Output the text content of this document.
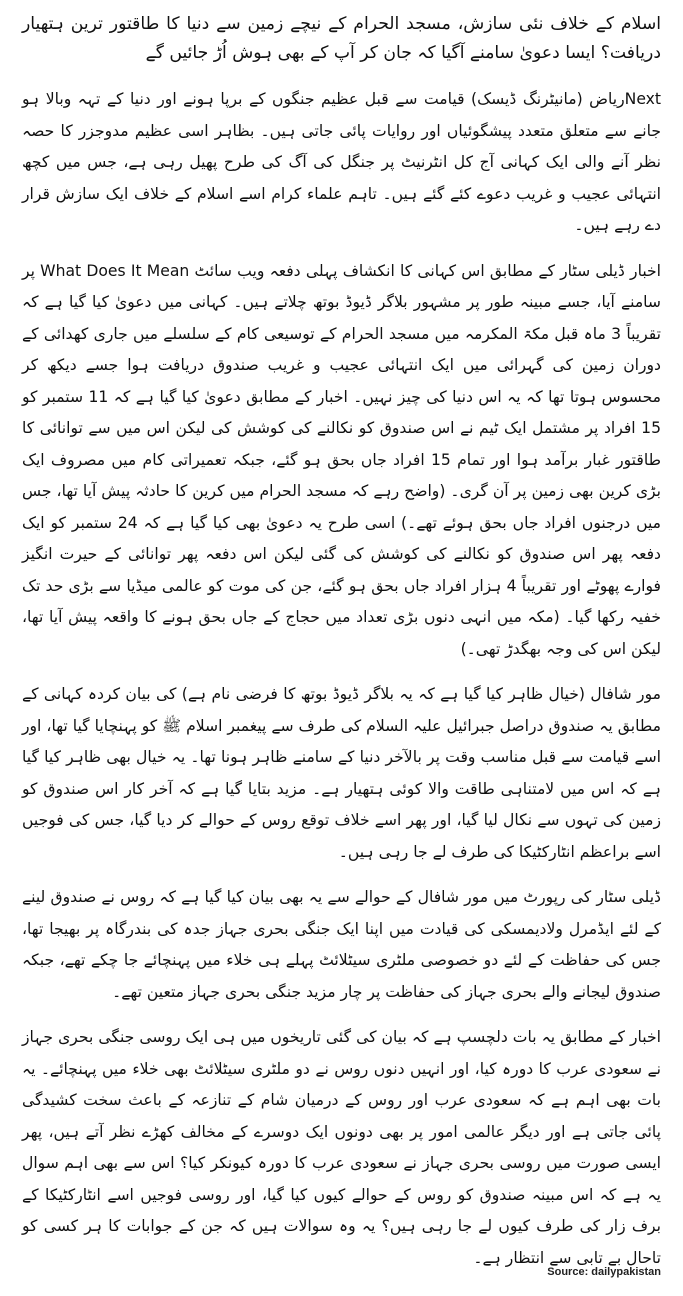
اسلام کے خلاف نئی سازش، مسجد الحرام کے نیچے زمین سے دنیا کا طاقتور ترین ہتھیار دریافت؟ ایسا دعویٰ سامنے آگیا کہ جان کر آپ کے بھی ہوش اُڑ جائیں گے

Nextریاض (مانیٹرنگ ڈیسک) قیامت سے قبل عظیم جنگوں کے برپا ہونے اور دنیا کے تہہ وبالا ہو جانے سے متعلق متعدد پیشگوئیاں اور روایات پائی جاتی ہیں۔ بظاہر اسی عظیم مدوجزر کا حصہ نظر آنے والی ایک کہانی آج کل انٹرنیٹ پر جنگل کی آگ کی طرح پھیل رہی ہے، جس میں کچھ انتہائی عجیب و غریب دعوے کئے گئے ہیں۔ تاہم علماء کرام اسے اسلام کے خلاف ایک سازش قرار دے رہے ہیں۔

اخبار ڈیلی سٹار کے مطابق اس کہانی کا انکشاف پہلی دفعہ ویب سائٹ What Does It Mean پر سامنے آیا، جسے مبینہ طور پر مشہور بلاگر ڈیوڈ بوتھ چلاتے ہیں۔ کہانی میں دعویٰ کیا گیا ہے کہ تقریباً 3 ماہ قبل مکۃ المکرمہ میں مسجد الحرام کے توسیعی کام کے سلسلے میں جاری کھدائی کے دوران زمین کی گہرائی میں ایک انتہائی عجیب و غریب صندوق دریافت ہوا جسے دیکھ کر محسوس ہوتا تھا کہ یہ اس دنیا کی چیز نہیں۔ اخبار کے مطابق دعویٰ کیا گیا ہے کہ 11 ستمبر کو 15 افراد پر مشتمل ایک ٹیم نے اس صندوق کو نکالنے کی کوشش کی لیکن اس میں سے توانائی کا طاقتور غبار برآمد ہوا اور تمام 15 افراد جاں بحق ہو گئے، جبکہ تعمیراتی کام میں مصروف ایک بڑی کرین بھی زمین پر آن گری۔ (واضح رہے کہ مسجد الحرام میں کرین کا حادثہ پیش آیا تھا، جس میں درجنوں افراد جاں بحق ہوئے تھے۔) اسی طرح یہ دعویٰ بھی کیا گیا ہے کہ 24 ستمبر کو ایک دفعہ پھر اس صندوق کو نکالنے کی کوشش کی گئی لیکن اس دفعہ پھر توانائی کے حیرت انگیز فوارے پھوٹے اور تقریباً 4 ہزار افراد جاں بحق ہو گئے، جن کی موت کو عالمی میڈیا سے بڑی حد تک خفیہ رکھا گیا۔ (مکہ میں انہی دنوں بڑی تعداد میں حجاج کے جاں بحق ہونے کا واقعہ پیش آیا تھا، لیکن اس کی وجہ بھگدڑ تھی۔)

مور شافال (خیال ظاہر کیا گیا ہے کہ یہ بلاگر ڈیوڈ بوتھ کا فرضی نام ہے) کی بیان کردہ کہانی کے مطابق یہ صندوق دراصل جبرائیل علیہ السلام کی طرف سے پیغمبر اسلام ﷺ کو پہنچایا گیا تھا، اور اسے قیامت سے قبل مناسب وقت پر بالآخر دنیا کے سامنے ظاہر ہونا تھا۔ یہ خیال بھی ظاہر کیا گیا ہے کہ اس میں لامتناہی طاقت والا کوئی ہتھیار ہے۔ مزید بتایا گیا ہے کہ آخر کار اس صندوق کو زمین کی تہوں سے نکال لیا گیا، اور پھر اسے خلاف توقع روس کے حوالے کر دیا گیا، جس کی فوجیں اسے براعظم انٹارکٹیکا کی طرف لے جا رہی ہیں۔

ڈیلی سٹار کی رپورٹ میں مور شافال کے حوالے سے یہ بھی بیان کیا گیا ہے کہ روس نے صندوق لینے کے لئے ایڈمرل ولادیمسکی کی قیادت میں اپنا ایک جنگی بحری جہاز جدہ کی بندرگاہ پر بھیجا تھا، جس کی حفاظت کے لئے دو خصوصی ملٹری سیٹلائٹ پہلے ہی خلاء میں پہنچائے جا چکے تھے، جبکہ صندوق لیجانے والے بحری جہاز کی حفاظت پر چار مزید جنگی بحری جہاز متعین تھے۔

اخبار کے مطابق یہ بات دلچسپ ہے کہ بیان کی گئی تاریخوں میں ہی ایک روسی جنگی بحری جہاز نے سعودی عرب کا دورہ کیا، اور انہیں دنوں روس نے دو ملٹری سیٹلائٹ بھی خلاء میں پہنچائے۔ یہ بات بھی اہم ہے کہ سعودی عرب اور روس کے درمیان شام کے تنازعہ کے باعث سخت کشیدگی پائی جاتی ہے اور دیگر عالمی امور پر بھی دونوں ایک دوسرے کے مخالف کھڑے نظر آتے ہیں، پھر ایسی صورت میں روسی بحری جہاز نے سعودی عرب کا دورہ کیونکر کیا؟ اس سے بھی اہم سوال یہ ہے کہ اس مبینہ صندوق کو روس کے حوالے کیوں کیا گیا، اور روسی فوجیں اسے انٹارکٹیکا کے برف زار کی طرف کیوں لے جا رہی ہیں؟ یہ وہ سوالات ہیں کہ جن کے جوابات کا ہر کسی کو تاحال بے تابی سے انتظار ہے۔

Source: dailypakistan
